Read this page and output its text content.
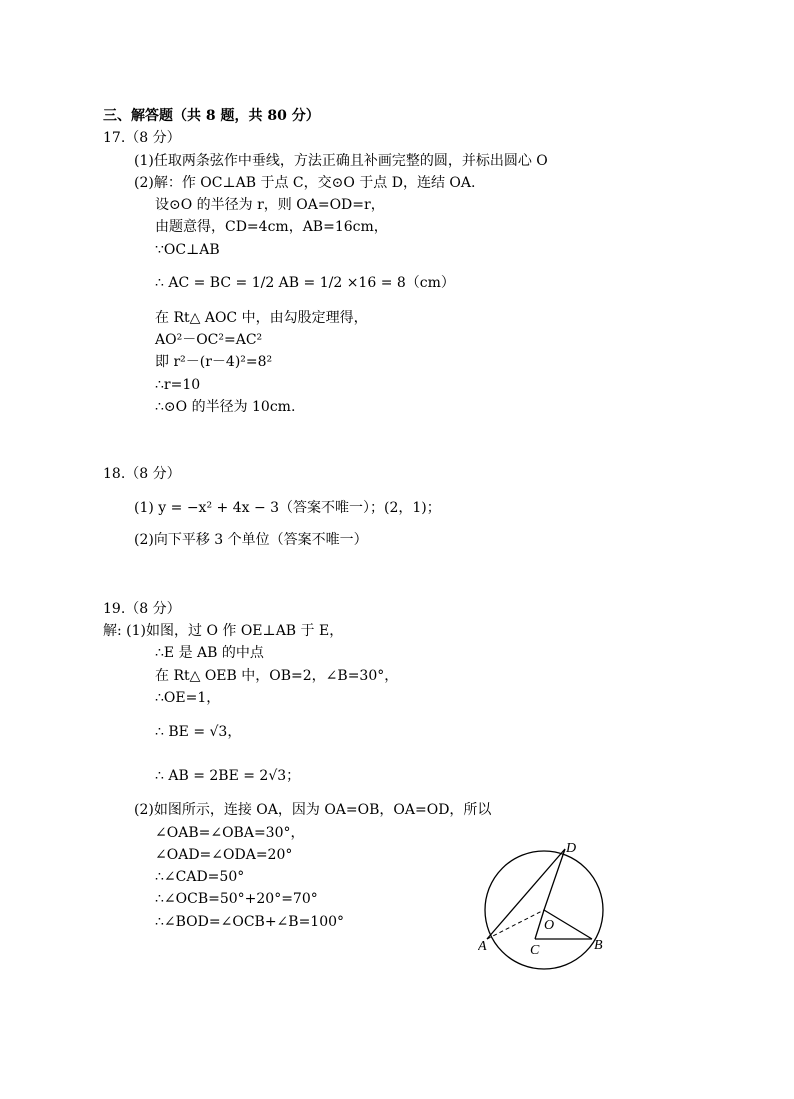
三、解答题（共 8 题，共 80 分）
17.（8 分）
(1)任取两条弦作中垂线，方法正确且补画完整的圆，并标出圆心 O
(2)解：作 OC⊥AB 于点 C，交⊙O 于点 D，连结 OA.
设⊙O 的半径为 r，则 OA=OD=r，
由题意得，CD=4cm，AB=16cm，
∵OC⊥AB
∴ AC = BC = 1/2 AB = 1/2 ×16 = 8（cm）
在 Rt△ AOC 中，由勾股定理得，
AO²－OC²=AC²
即 r²－(r－4)²=8²
∴r=10
∴⊙O 的半径为 10cm.
18.（8 分）
(1) y = −x² + 4x − 3（答案不唯一）；(2，1)；
(2)向下平移 3 个单位（答案不唯一）
19.（8 分）
解: (1)如图，过 O 作 OE⊥AB 于 E，
∴E 是 AB 的中点
在 Rt△ OEB 中，OB=2，∠B=30°，
∴OE=1，
∴ BE = √3，
∴ AB = 2BE = 2√3；
(2)如图所示，连接 OA，因为 OA=OB，OA=OD，所以
∠OAB=∠OBA=30°，
∠OAD=∠ODA=20°
∴∠CAD=50°
∴∠OCB=50°+20°=70°
∴∠BOD=∠OCB+∠B=100°
A	B
C
D
O
